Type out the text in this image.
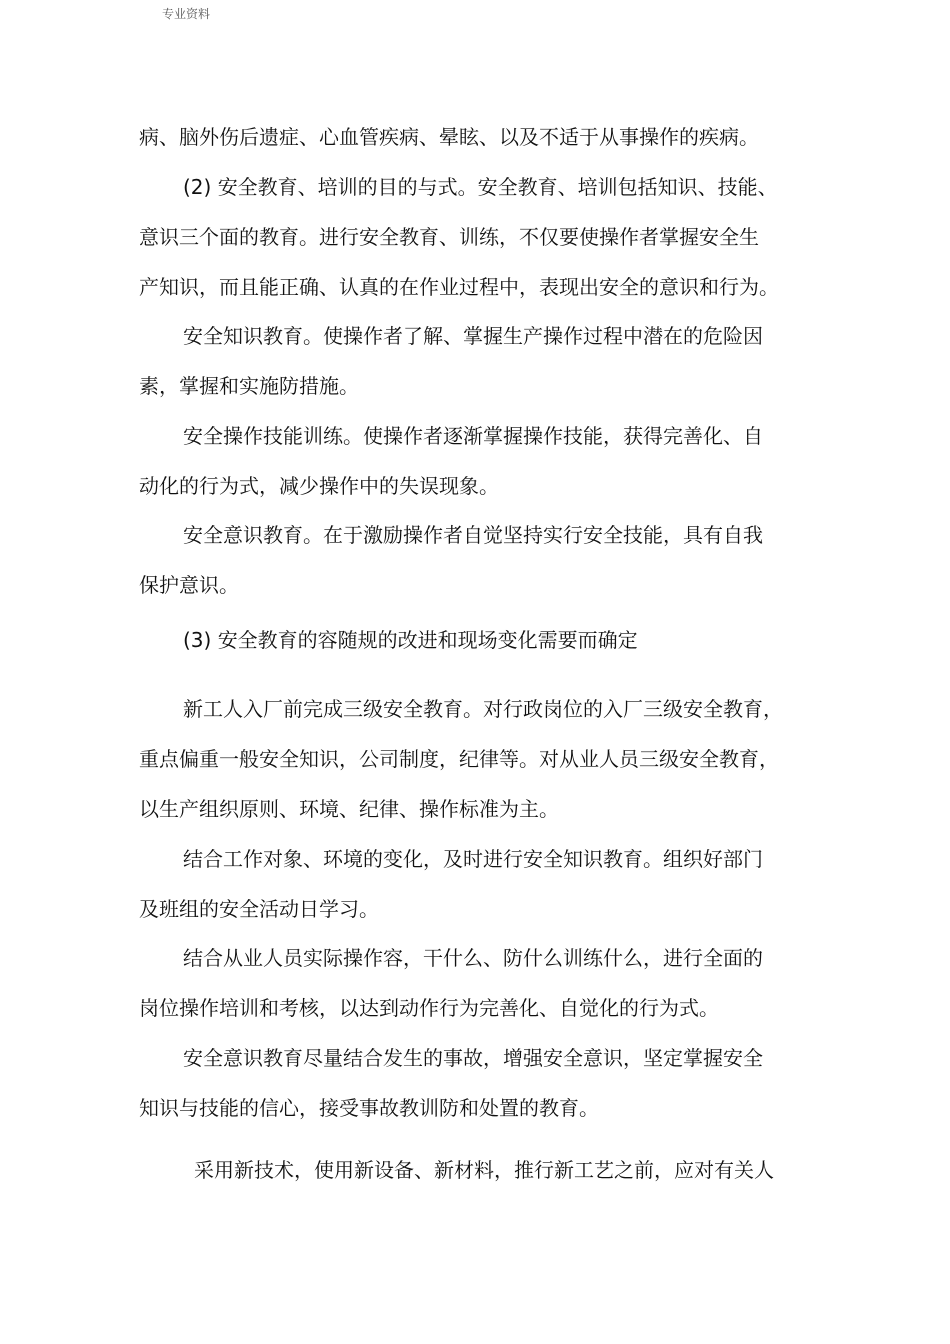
专业资料
病、脑外伤后遗症、心血管疾病、晕眩、以及不适于从事操作的疾病。
(2) 安全教育、培训的目的与式。安全教育、培训包括知识、技能、
意识三个面的教育。进行安全教育、训练，不仅要使操作者掌握安全生
产知识，而且能正确、认真的在作业过程中，表现出安全的意识和行为。
安全知识教育。使操作者了解、掌握生产操作过程中潜在的危险因
素，掌握和实施防措施。
安全操作技能训练。使操作者逐渐掌握操作技能，获得完善化、自
动化的行为式，减少操作中的失误现象。
安全意识教育。在于激励操作者自觉坚持实行安全技能，具有自我
保护意识。
(3) 安全教育的容随规的改进和现场变化需要而确定
新工人入厂前完成三级安全教育。对行政岗位的入厂三级安全教育，
重点偏重一般安全知识，公司制度，纪律等。对从业人员三级安全教育，
以生产组织原则、环境、纪律、操作标准为主。
结合工作对象、环境的变化，及时进行安全知识教育。组织好部门
及班组的安全活动日学习。
结合从业人员实际操作容，干什么、防什么训练什么，进行全面的
岗位操作培训和考核，以达到动作行为完善化、自觉化的行为式。
安全意识教育尽量结合发生的事故，增强安全意识，坚定掌握安全
知识与技能的信心，接受事故教训防和处置的教育。
采用新技术，使用新设备、新材料，推行新工艺之前，应对有关人
